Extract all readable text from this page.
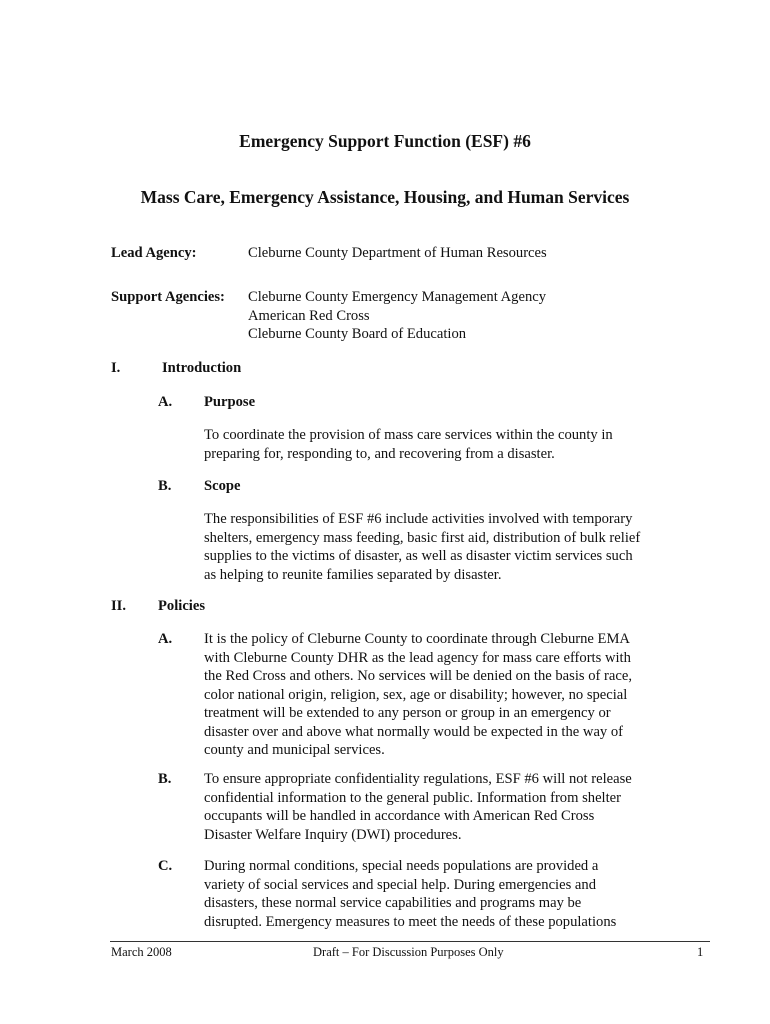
Emergency Support Function (ESF) #6
Mass Care, Emergency Assistance, Housing, and Human Services
Lead Agency:	Cleburne County Department of Human Resources
Support Agencies: Cleburne County Emergency Management Agency
American Red Cross
Cleburne County Board of Education
I.	Introduction
A. Purpose
To coordinate the provision of mass care services within the county in
preparing for, responding to, and recovering from a disaster.
B. Scope
The responsibilities of ESF #6 include activities involved with temporary
shelters, emergency mass feeding, basic first aid, distribution of bulk relief
supplies to the victims of disaster, as well as disaster victim services such
as helping to reunite families separated by disaster.
II. Policies
A. It is the policy of Cleburne County to coordinate through Cleburne EMA
with Cleburne County DHR as the lead agency for mass care efforts with
the Red Cross and others. No services will be denied on the basis of race,
color national origin, religion, sex, age or disability; however, no special
treatment will be extended to any person or group in an emergency or
disaster over and above what normally would be expected in the way of
county and municipal services.
B. To ensure appropriate confidentiality regulations, ESF #6 will not release
confidential information to the general public. Information from shelter
occupants will be handled in accordance with American Red Cross
Disaster Welfare Inquiry (DWI) procedures.
C. During normal conditions, special needs populations are provided a
variety of social services and special help. During emergencies and
disasters, these normal service capabilities and programs may be
disrupted. Emergency measures to meet the needs of these populations
March 2008	Draft – For Discussion Purposes Only	1
